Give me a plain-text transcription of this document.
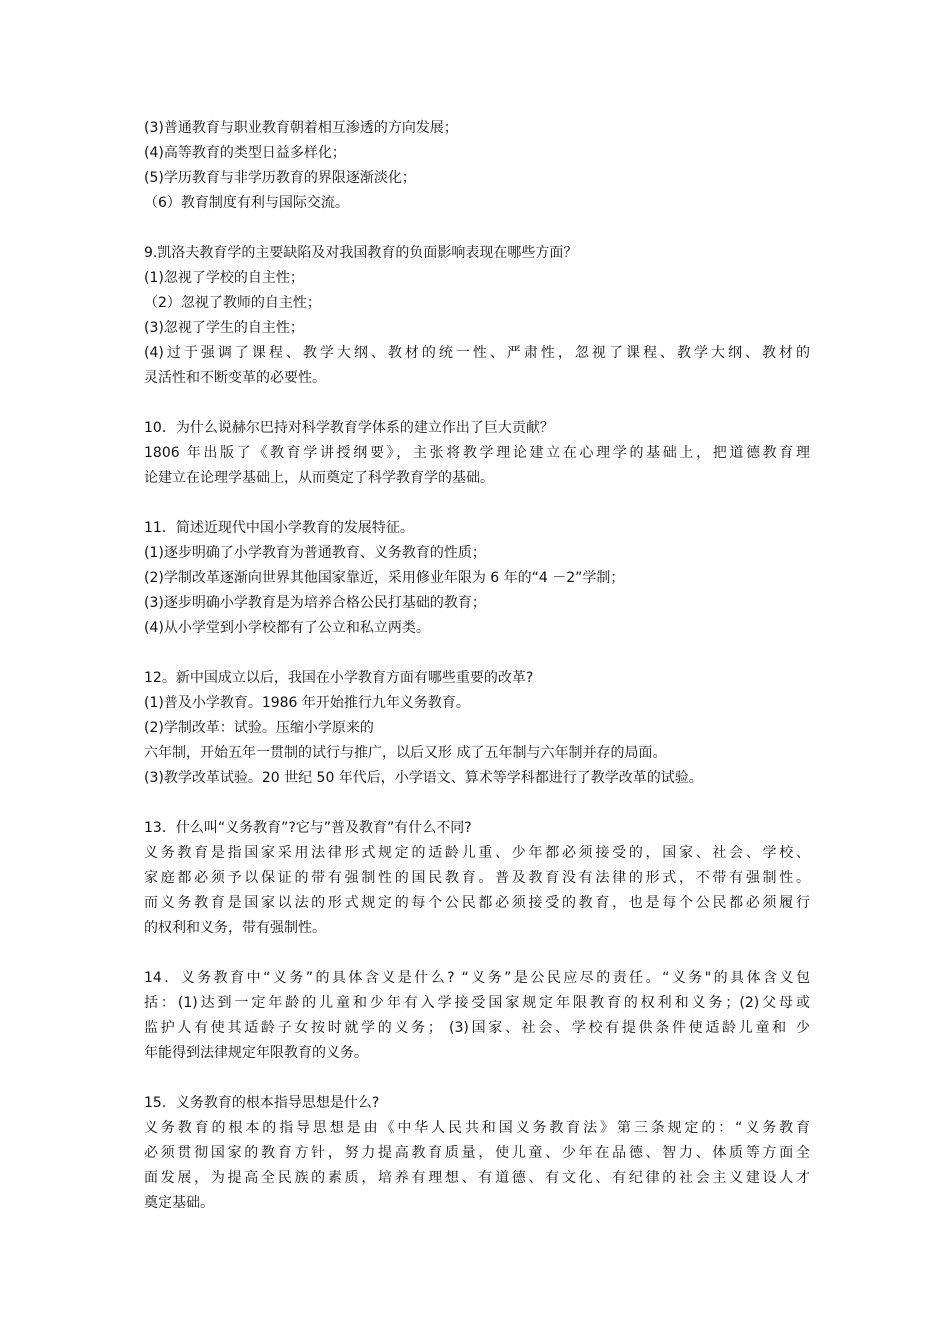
(3)普通教育与职业教育朝着相互渗透的方向发展；
(4)高等教育的类型日益多样化；
(5)学历教育与非学历教育的界限逐渐淡化；
（6）教育制度有利与国际交流。
9.凯洛夫教育学的主要缺陷及对我国教育的负面影响表现在哪些方面？
(1)忽视了学校的自主性；
（2）忽视了教师的自主性；
(3)忽视了学生的自主性；
(4)过于强调了课程、教学大纲、教材的统一性、严肃性，忽视了课程、教学大纲、教材的
灵活性和不断变革的必要性。
10．为什么说赫尔巴持对科学教育学体系的建立作出了巨大贡献？
1806 年出版了《教育学讲授纲要》，主张将教学理论建立在心理学的基础上，把道德教育理
论建立在论理学基础上，从而奠定了科学教育学的基础。
11．简述近现代中国小学教育的发展特征。
(1)逐步明确了小学教育为普通教育、义务教育的性质；
(2)学制改革逐渐向世界其他国家靠近，采用修业年限为 6 年的“4 －2”学制；
(3)逐步明确小学教育是为培养合格公民打基础的教育；
(4)从小学堂到小学校都有了公立和私立两类。
12。新中国成立以后，我国在小学教育方面有哪些重要的改革?
(1)普及小学教育。1986 年开始推行九年义务教育。
(2)学制改革：试验。压缩小学原来的
六年制，开始五年一贯制的试行与推广，以后又形 成了五年制与六年制并存的局面。
(3)教学改革试验。20 世纪 50 年代后，小学语文、算术等学科都进行了教学改革的试验。
13．什么叫“义务教育”?它与”普及教育”有什么不同?
义务教育是指国家采用法律形式规定的适龄儿重、少年都必须接受的，国家、社会、学校、
家庭都必须予以保证的带有强制性的国民教育。普及教育没有法律的形式，不带有强制性。
而义务教育是国家以法的形式规定的每个公民都必须接受的教育，也是每个公民都必须履行
的权利和义务，带有强制性。
14．义务教育中“义务”的具体含义是什么? “义务”是公民应尽的责任。“义务"的具体含义包
括：(1)达到一定年龄的儿童和少年有入学接受国家规定年限教育的权利和义务；(2)父母或
监护人有使其适龄子女按时就学的义务； (3)国家、社会、学校有提供条件使适龄儿童和 少
年能得到法律规定年限教育的义务。
15．义务教育的根本指导思想是什么?
义务教育的根本的指导思想是由《中华人民共和国义务教育法》第三条规定的：“义务教育
必须贯彻国家的教育方针，努力提高教育质量，使儿童、少年在品德、智力、体质等方面全
面发展，为提高全民族的素质，培养有理想、有道德、有文化、有纪律的社会主义建设人才
奠定基础。
